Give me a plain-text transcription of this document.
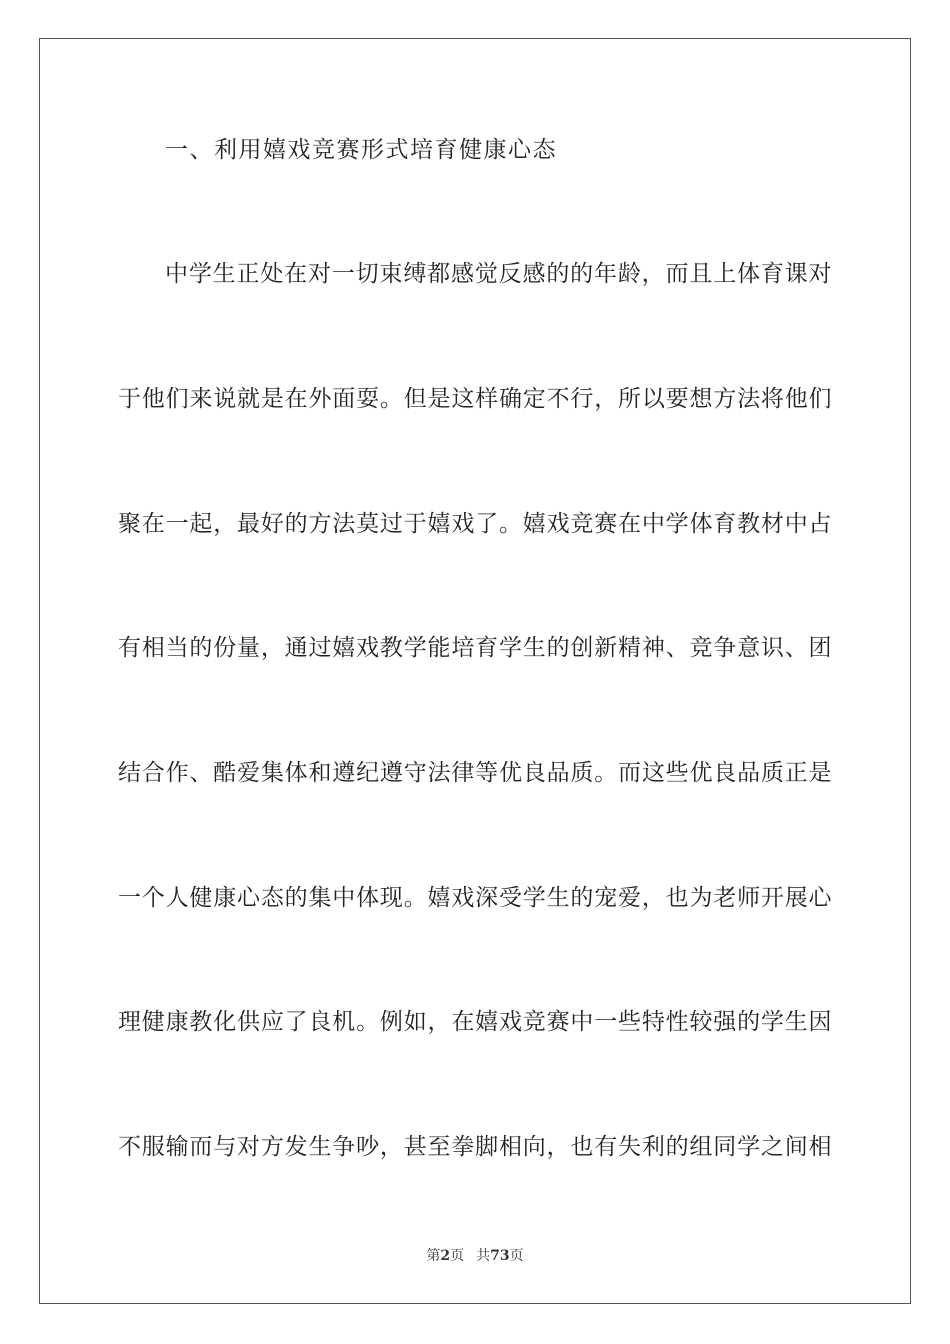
一、利用嬉戏竞赛形式培育健康心态
中学生正处在对一切束缚都感觉反感的的年龄，而且上体育课对
于他们来说就是在外面耍。但是这样确定不行，所以要想方法将他们
聚在一起，最好的方法莫过于嬉戏了。嬉戏竞赛在中学体育教材中占
有相当的份量，通过嬉戏教学能培育学生的创新精神、竞争意识、团
结合作、酷爱集体和遵纪遵守法律等优良品质。而这些优良品质正是
一个人健康心态的集中体现。嬉戏深受学生的宠爱，也为老师开展心
理健康教化供应了良机。例如，在嬉戏竞赛中一些特性较强的学生因
不服输而与对方发生争吵，甚至拳脚相向，也有失利的组同学之间相
第2页 共73页
